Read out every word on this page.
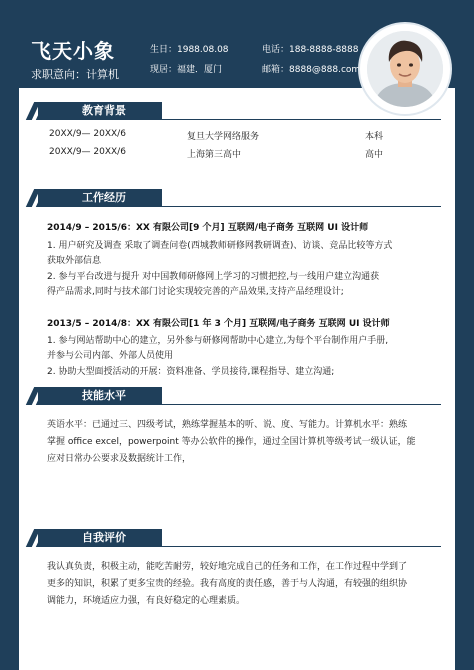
飞天小象
求职意向：计算机
生日：1988.08.08	电话：188-8888-8888
现居：福建．厦门	邮箱：8888@888.com
教育背景
20XX/9— 20XX/6	复旦大学网络服务	本科
20XX/9— 20XX/6	上海第三高中	高中
工作经历
2014/9 – 2015/6：XX 有限公司[9 个月] 互联网/电子商务 互联网 UI 设计师
1. 用户研究及调查 采取了调查问卷(西城教师研修网教研调查)、访谈、竞品比较等方式
获取外部信息
2. 参与平台改进与提升 对中国教师研修网上学习的习惯把控,与一线用户建立沟通获
得产品需求,同时与技术部门讨论实现较完善的产品效果,支持产品经理设计;
2013/5 – 2014/8：XX 有限公司[1 年 3 个月] 互联网/电子商务 互联网 UI 设计师
1. 参与网站帮助中心的建立，另外参与研修网帮助中心建立,为每个平台制作用户手册,
并参与公司内部、外部人员使用
2. 协助大型面授活动的开展：资料准备、学员接待,课程指导、建立沟通;
技能水平
英语水平：已通过三、四级考试，熟练掌握基本的听、说、度、写能力。计算机水平：熟练
掌握 office excel，powerpoint 等办公软件的操作，通过全国计算机等级考试一级认证，能
应对日常办公要求及数据统计工作，
自我评价
我认真负责，积极主动，能吃苦耐劳，较好地完成自己的任务和工作，在工作过程中学到了
更多的知识，积累了更多宝贵的经验。我有高度的责任感，善于与人沟通，有较强的组织协
调能力，环境适应力强，有良好稳定的心理素质。
